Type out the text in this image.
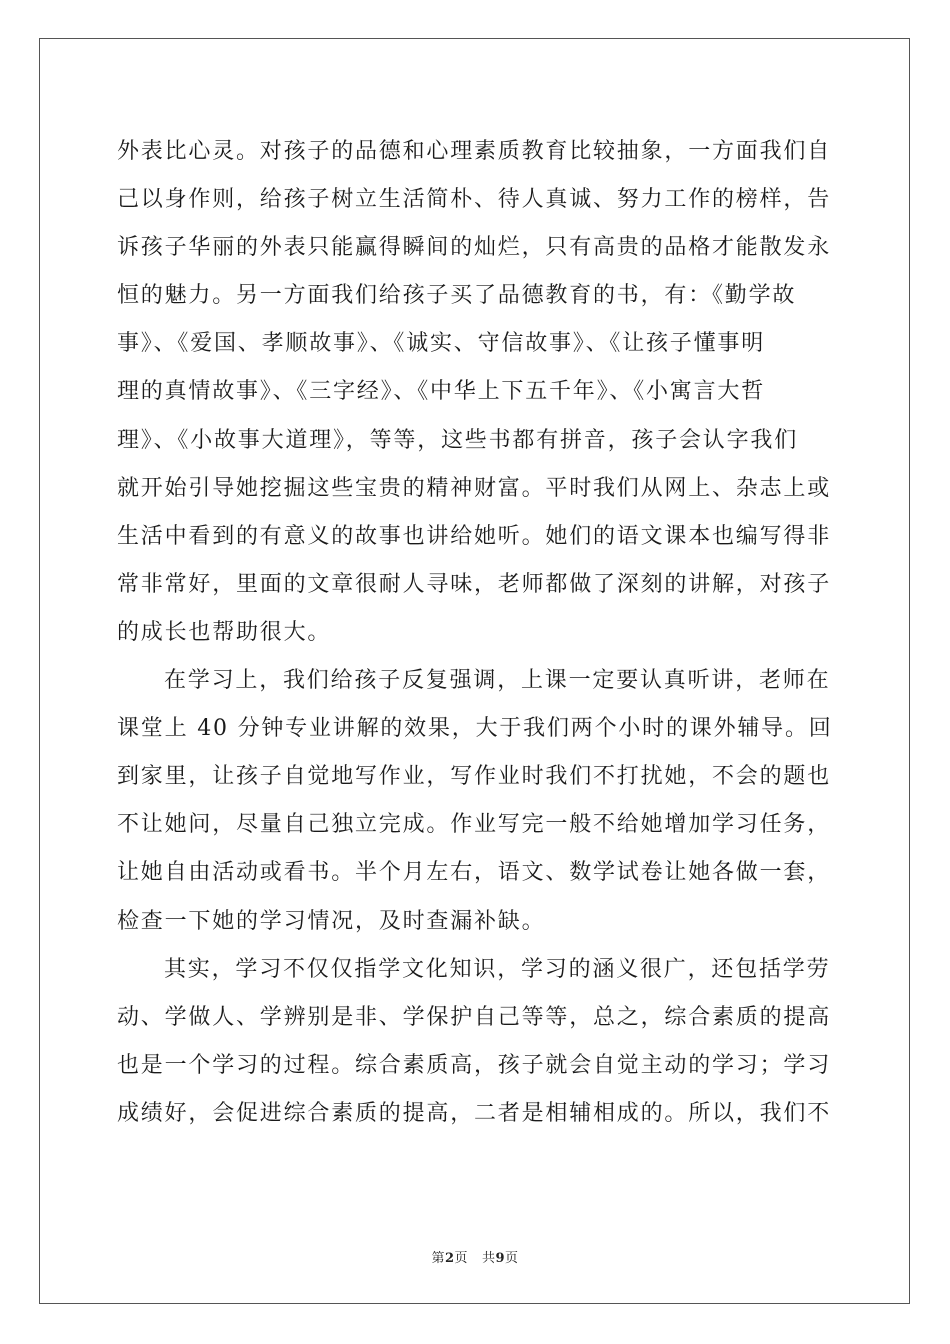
外表比心灵。对孩子的品德和心理素质教育比较抽象，一方面我们自
己以身作则，给孩子树立生活简朴、待人真诚、努力工作的榜样，告
诉孩子华丽的外表只能赢得瞬间的灿烂，只有高贵的品格才能散发永
恒的魅力。另一方面我们给孩子买了品德教育的书，有：《勤学故
事》、《爱国、孝顺故事》、《诚实、守信故事》、《让孩子懂事明
理的真情故事》、《三字经》、《中华上下五千年》、《小寓言大哲
理》、《小故事大道理》，等等，这些书都有拼音，孩子会认字我们
就开始引导她挖掘这些宝贵的精神财富。平时我们从网上、杂志上或
生活中看到的有意义的故事也讲给她听。她们的语文课本也编写得非
常非常好，里面的文章很耐人寻味，老师都做了深刻的讲解，对孩子
的成长也帮助很大。
在学习上，我们给孩子反复强调，上课一定要认真听讲，老师在
课堂上 40 分钟专业讲解的效果，大于我们两个小时的课外辅导。回
到家里，让孩子自觉地写作业，写作业时我们不打扰她，不会的题也
不让她问，尽量自己独立完成。作业写完一般不给她增加学习任务，
让她自由活动或看书。半个月左右，语文、数学试卷让她各做一套，
检查一下她的学习情况，及时查漏补缺。
其实，学习不仅仅指学文化知识，学习的涵义很广，还包括学劳
动、学做人、学辨别是非、学保护自己等等，总之，综合素质的提高
也是一个学习的过程。综合素质高，孩子就会自觉主动的学习；学习
成绩好，会促进综合素质的提高，二者是相辅相成的。所以，我们不
第2页 共9页
